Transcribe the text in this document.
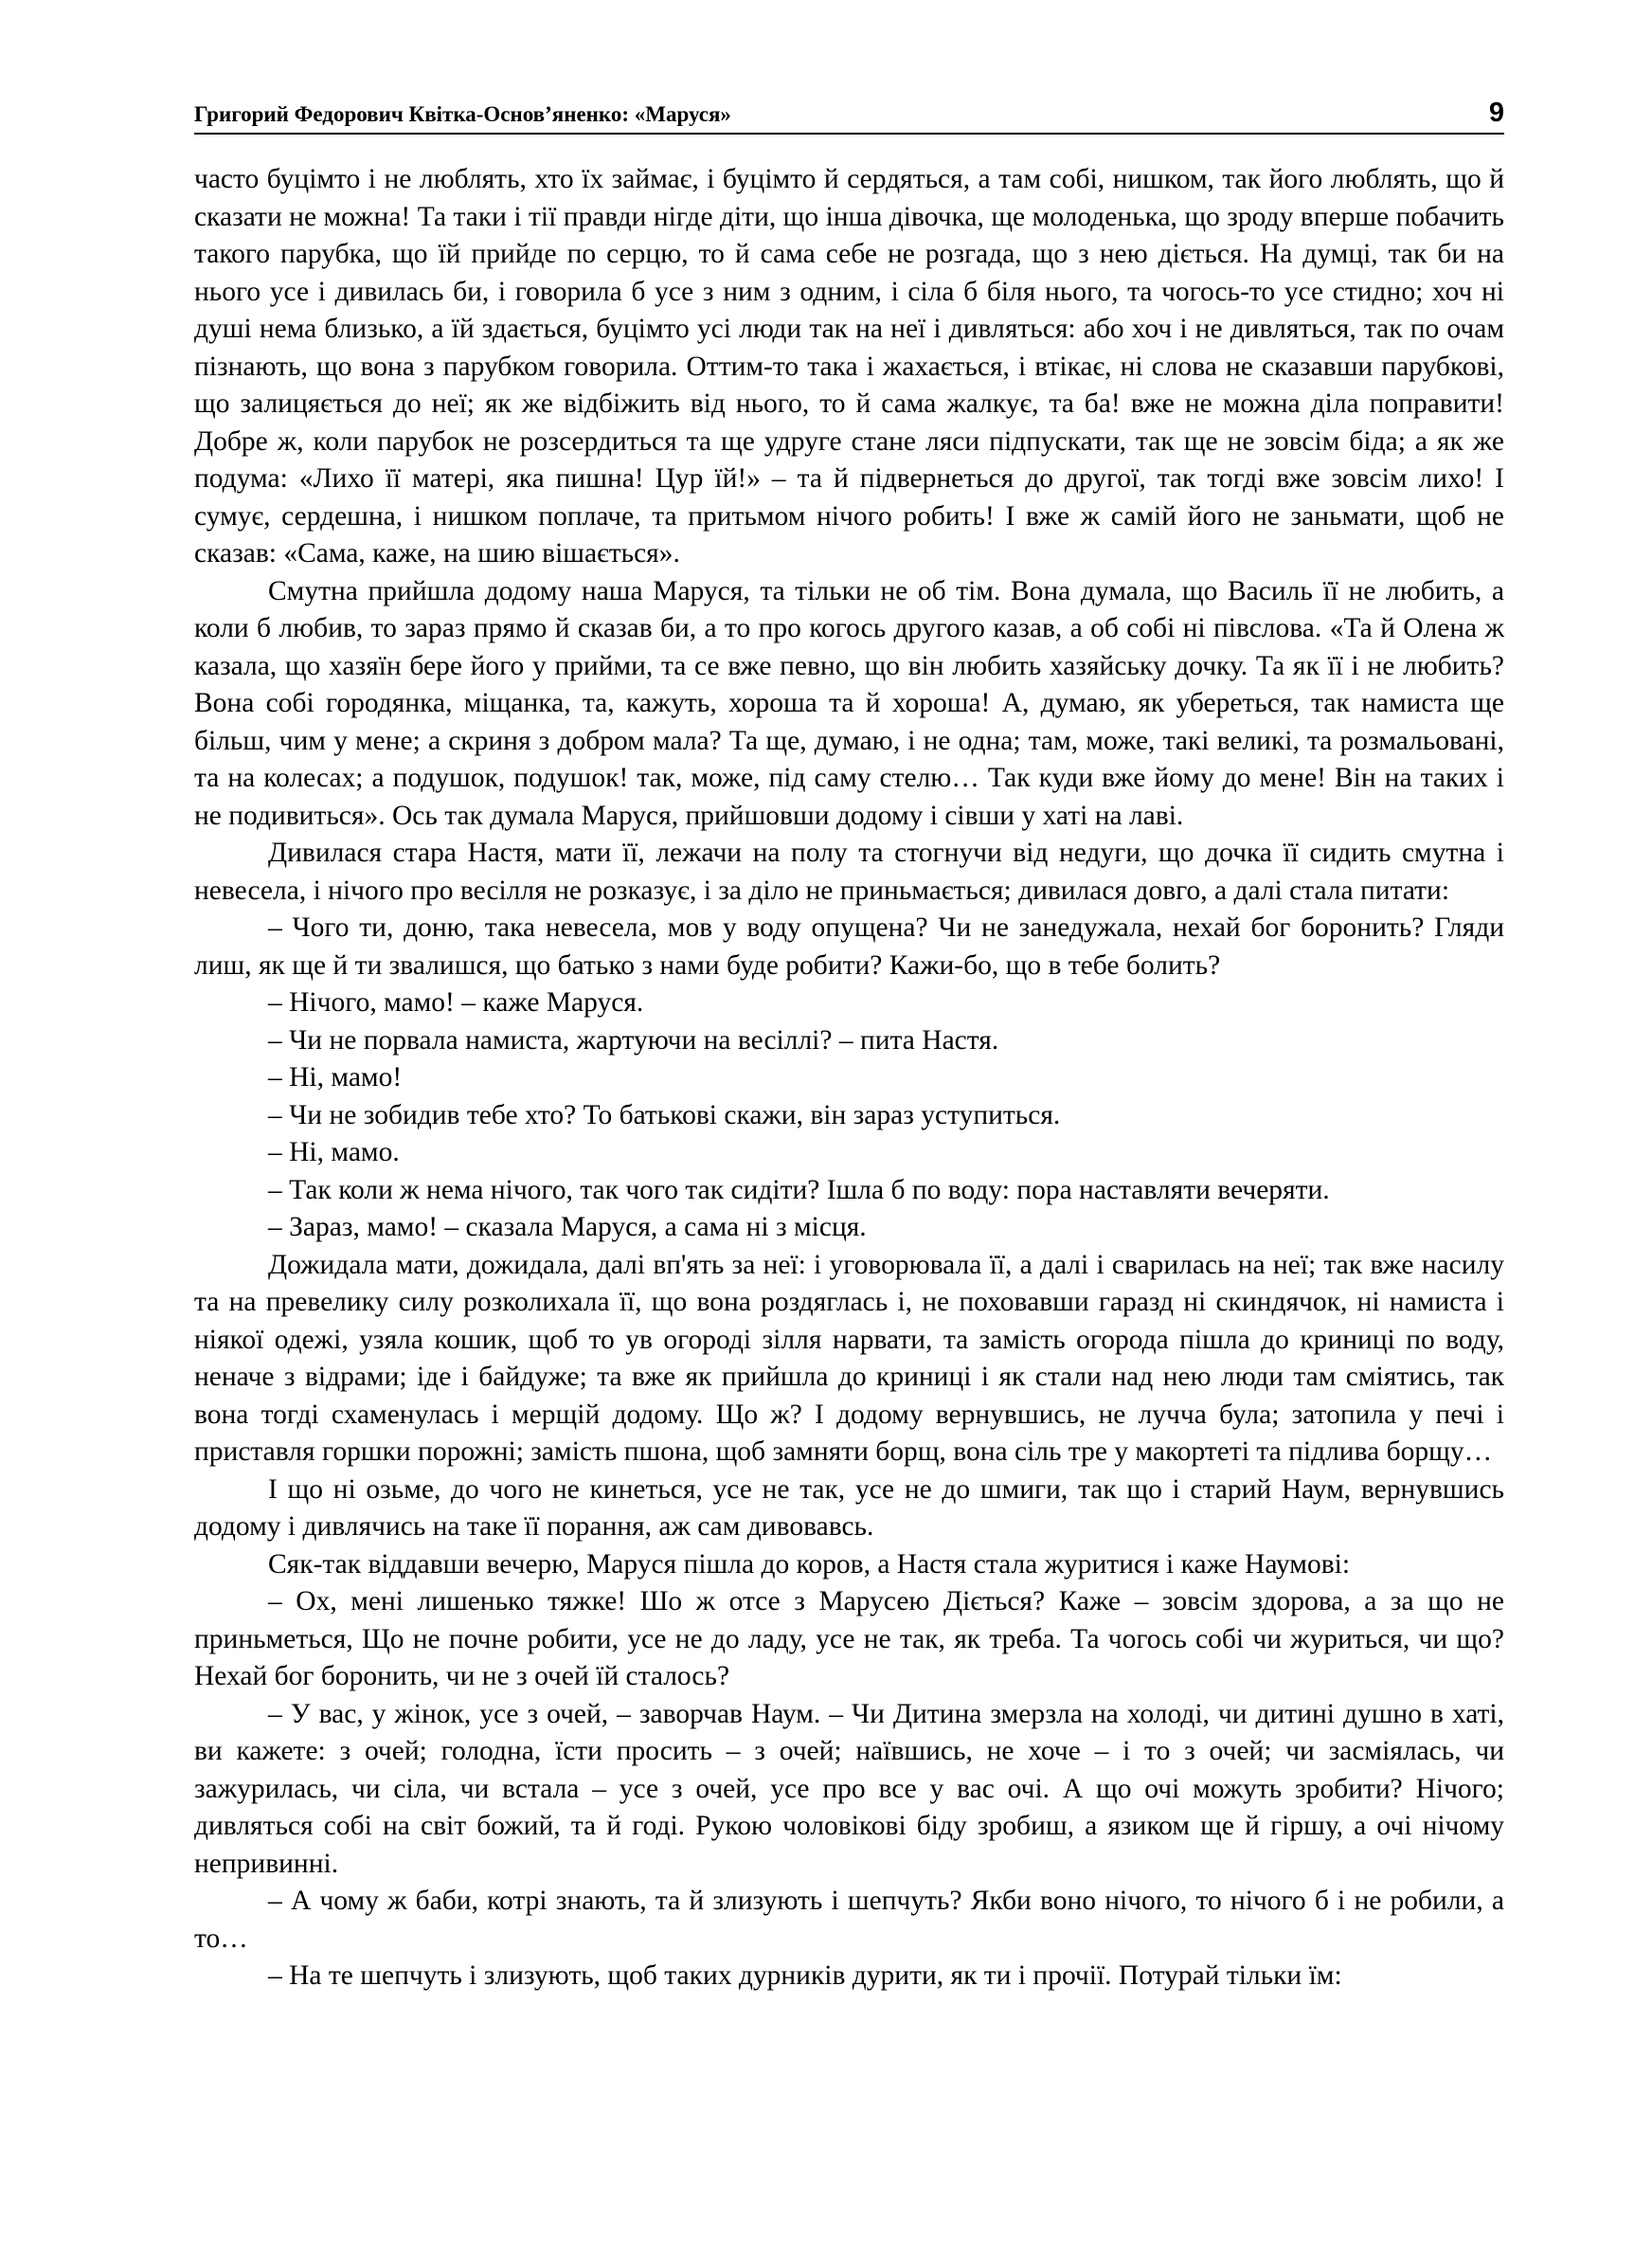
Григорий Федорович Квітка-Основ’яненко: «Маруся»	9

часто буцімто і не люблять, хто їх займає, і буцімто й сердяться, а там собі, нишком, так його люблять, що й сказати не можна! Та таки і тії правди нігде діти, що інша дівочка, ще молоденька, що зроду вперше побачить такого парубка, що їй прийде по серцю, то й сама себе не розгада, що з нею діється. На думці, так би на нього усе і дивилась би, і говорила б усе з ним з одним, і сіла б біля нього, та чогось-то усе стидно; хоч ні душі нема близько, а їй здається, буцімто усі люди так на неї і дивляться: або хоч і не дивляться, так по очам пізнають, що вона з парубком говорила. Оттим-то така і жахається, і втікає, ні слова не сказавши парубкові, що залицяється до неї; як же відбіжить від нього, то й сама жалкує, та ба! вже не можна діла поправити! Добре ж, коли парубок не розсердиться та ще удруге стане ляси підпускати, так ще не зовсім біда; а як же подума: «Лихо її матері, яка пишна! Цур їй!» – та й підвернеться до другої, так тогді вже зовсім лихо! І сумує, сердешна, і нишком поплаче, та притьмом нічого робить! І вже ж самій його не заньмати, щоб не сказав: «Сама, каже, на шию вішається».

Смутна прийшла додому наша Маруся, та тільки не об тім. Вона думала, що Василь її не любить, а коли б любив, то зараз прямо й сказав би, а то про когось другого казав, а об собі ні півслова. «Та й Олена ж казала, що хазяїн бере його у прийми, та се вже певно, що він любить хазяйську дочку. Та як її і не любить? Вона собі городянка, міщанка, та, кажуть, хороша та й хороша! А, думаю, як убереться, так намиста ще більш, чим у мене; а скриня з добром мала? Та ще, думаю, і не одна; там, може, такі великі, та розмальовані, та на колесах; а подушок, подушок! так, може, під саму стелю… Так куди вже йому до мене! Він на таких і не подивиться». Ось так думала Маруся, прийшовши додому і сівши у хаті на лаві.

Дивилася стара Настя, мати її, лежачи на полу та стогнучи від недуги, що дочка її сидить смутна і невесела, і нічого про весілля не розказує, і за діло не приньмається; дивилася довго, а далі стала питати:

– Чого ти, доню, така невесела, мов у воду опущена? Чи не занедужала, нехай бог боронить? Гляди лиш, як ще й ти звалишся, що батько з нами буде робити? Кажи-бо, що в тебе болить?

– Нічого, мамо! – каже Маруся.

– Чи не порвала намиста, жартуючи на весіллі? – пита Настя.

– Ні, мамо!

– Чи не зобидив тебе хто? То батькові скажи, він зараз уступиться.

– Ні, мамо.

– Так коли ж нема нічого, так чого так сидіти? Ішла б по воду: пора наставляти вечеряти.

– Зараз, мамо! – сказала Маруся, а сама ні з місця.

Дожидала мати, дожидала, далі вп'ять за неї: і уговорювала її, а далі і сварилась на неї; так вже насилу та на превелику силу розколихала її, що вона роздяглась і, не поховавши гаразд ні скиндячок, ні намиста і ніякої одежі, узяла кошик, щоб то ув огороді зілля нарвати, та замість огорода пішла до криниці по воду, неначе з відрами; іде і байдуже; та вже як прийшла до криниці і як стали над нею люди там сміятись, так вона тогді схаменулась і мерщій додому. Що ж? І додому вернувшись, не лучча була; затопила у печі і приставля горшки порожні; замість пшона, щоб замняти борщ, вона сіль тре у макортеті та підлива борщу…

І що ні озьме, до чого не кинеться, усе не так, усе не до шмиги, так що і старий Наум, вернувшись додому і дивлячись на таке її порання, аж сам дивовавсь.

Сяк-так віддавши вечерю, Маруся пішла до коров, а Настя стала журитися і каже Наумові:

– Ох, мені лишенько тяжке! Шо ж отсе з Марусею Діється? Каже – зовсім здорова, а за що не приньметься, Що не почне робити, усе не до ладу, усе не так, як треба. Та чогось собі чи журиться, чи що? Нехай бог боронить, чи не з очей їй сталось?

– У вас, у жінок, усе з очей, – заворчав Наум. – Чи Дитина змерзла на холоді, чи дитині душно в хаті, ви кажете: з очей; голодна, їсти просить – з очей; наївшись, не хоче – і то з очей; чи засміялась, чи зажурилась, чи сіла, чи встала – усе з очей, усе про все у вас очі. А що очі можуть зробити? Нічого; дивляться собі на світ божий, та й годі. Рукою чоловікові біду зробиш, а язиком ще й гіршу, а очі нічому непривинні.

– А чому ж баби, котрі знають, та й злизують і шепчуть? Якби воно нічого, то нічого б і не робили, а то…

– На те шепчуть і злизують, щоб таких дурників дурити, як ти і прочії. Потурай тільки їм:
